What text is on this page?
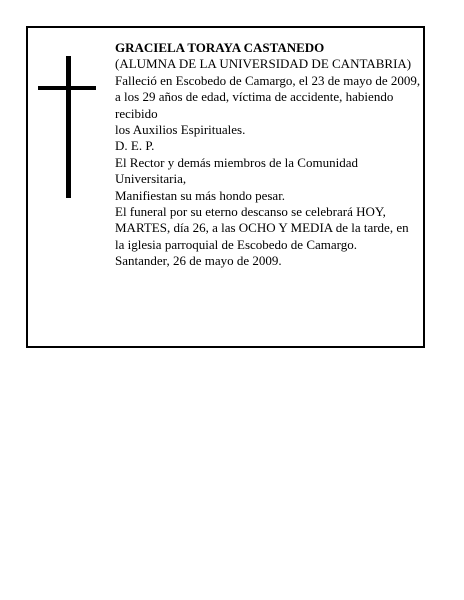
GRACIELA TORAYA CASTANEDO
(ALUMNA DE LA UNIVERSIDAD DE CANTABRIA)
Falleció en Escobedo de Camargo, el 23 de mayo de 2009, a los 29 años de edad, víctima de accidente, habiendo recibido
los Auxilios Espirituales.
D. E. P.
El Rector y demás miembros de la Comunidad Universitaria,
Manifiestan su más hondo pesar.
El funeral por su eterno descanso se celebrará HOY, MARTES, día 26, a las OCHO Y MEDIA de la tarde, en la iglesia parroquial de Escobedo de Camargo.
Santander, 26 de mayo de 2009.
